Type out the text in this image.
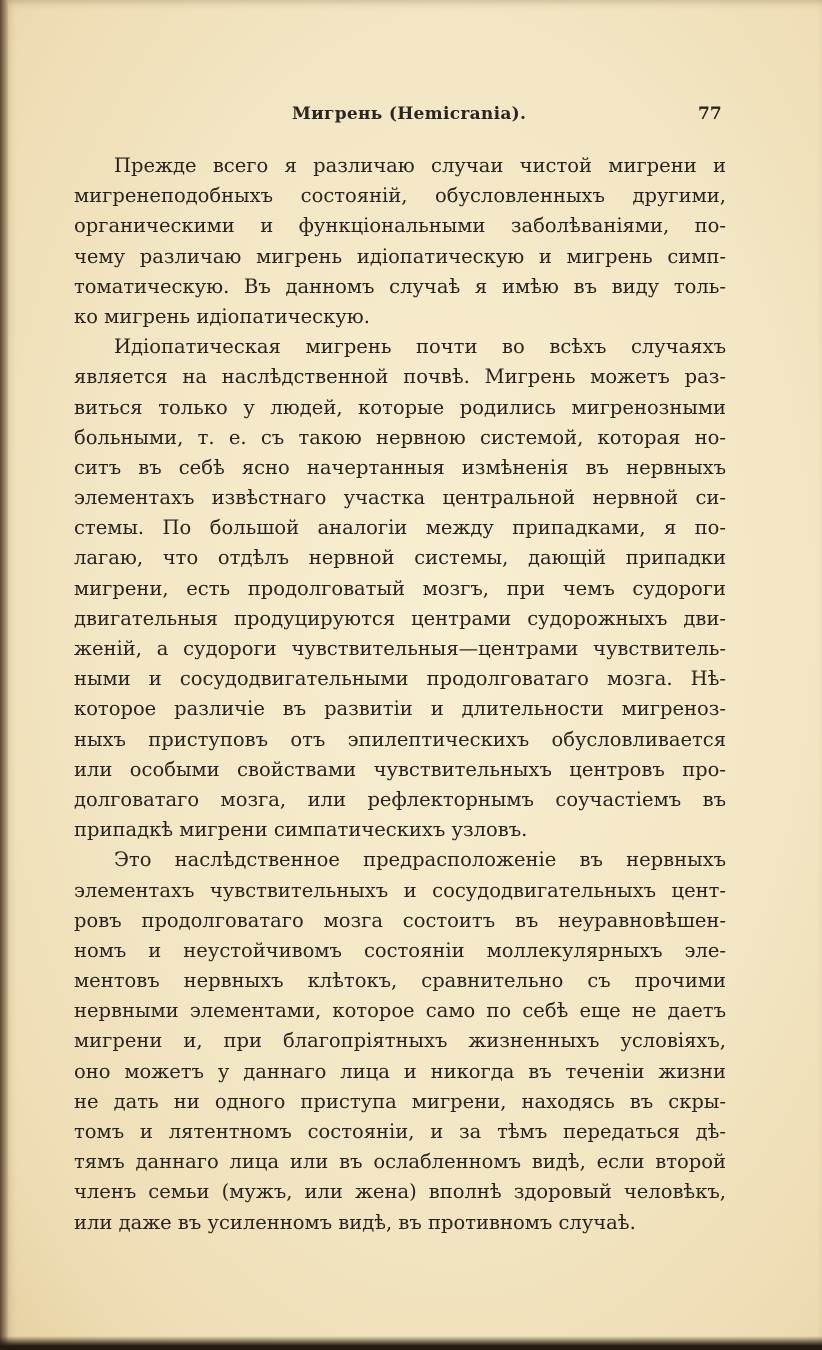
Мигрень (Hemicrania).	77
Прежде всего я различаю случаи чистой мигрени и
мигренеподобныхъ состояній, обусловленныхъ другими,
органическими и функціональными заболѣваніями, по-
чему различаю мигрень идіопатическую и мигрень симп-
томатическую. Въ данномъ случаѣ я имѣю въ виду толь-
ко мигрень идіопатическую.
Идіопатическая мигрень почти во всѣхъ случаяхъ
является на наслѣдственной почвѣ. Мигрень можетъ раз-
виться только у людей, которые родились мигренозными
больными, т. е. съ такою нервною системой, которая но-
ситъ въ себѣ ясно начертанныя измѣненія въ нервныхъ
элементахъ извѣстнаго участка центральной нервной си-
стемы. По большой аналогіи между припадками, я по-
лагаю, что отдѣлъ нервной системы, дающій припадки
мигрени, есть продолговатый мозгъ, при чемъ судороги
двигательныя продуцируются центрами судорожныхъ дви-
женій, а судороги чувствительныя—центрами чувствитель-
ными и сосудодвигательными продолговатаго мозга. Нѣ-
которое различіе въ развитіи и длительности мигреноз-
ныхъ приступовъ отъ эпилептическихъ обусловливается
или особыми свойствами чувствительныхъ центровъ про-
долговатаго мозга, или рефлекторнымъ соучастіемъ въ
припадкѣ мигрени симпатическихъ узловъ.
Это наслѣдственное предрасположеніе въ нервныхъ
элементахъ чувствительныхъ и сосудодвигательныхъ цент-
ровъ продолговатаго мозга состоитъ въ неуравновѣшен-
номъ и неустойчивомъ состояніи моллекулярныхъ эле-
ментовъ нервныхъ клѣтокъ, сравнительно съ прочими
нервными элементами, которое само по себѣ еще не даетъ
мигрени и, при благопріятныхъ жизненныхъ условіяхъ,
оно можетъ у даннаго лица и никогда въ теченіи жизни
не дать ни одного приступа мигрени, находясь въ скры-
томъ и лятентномъ состояніи, и за тѣмъ передаться дѣ-
тямъ даннаго лица или въ ослабленномъ видѣ, если второй
членъ семьи (мужъ, или жена) вполнѣ здоровый человѣкъ,
или даже въ усиленномъ видѣ, въ противномъ случаѣ.
